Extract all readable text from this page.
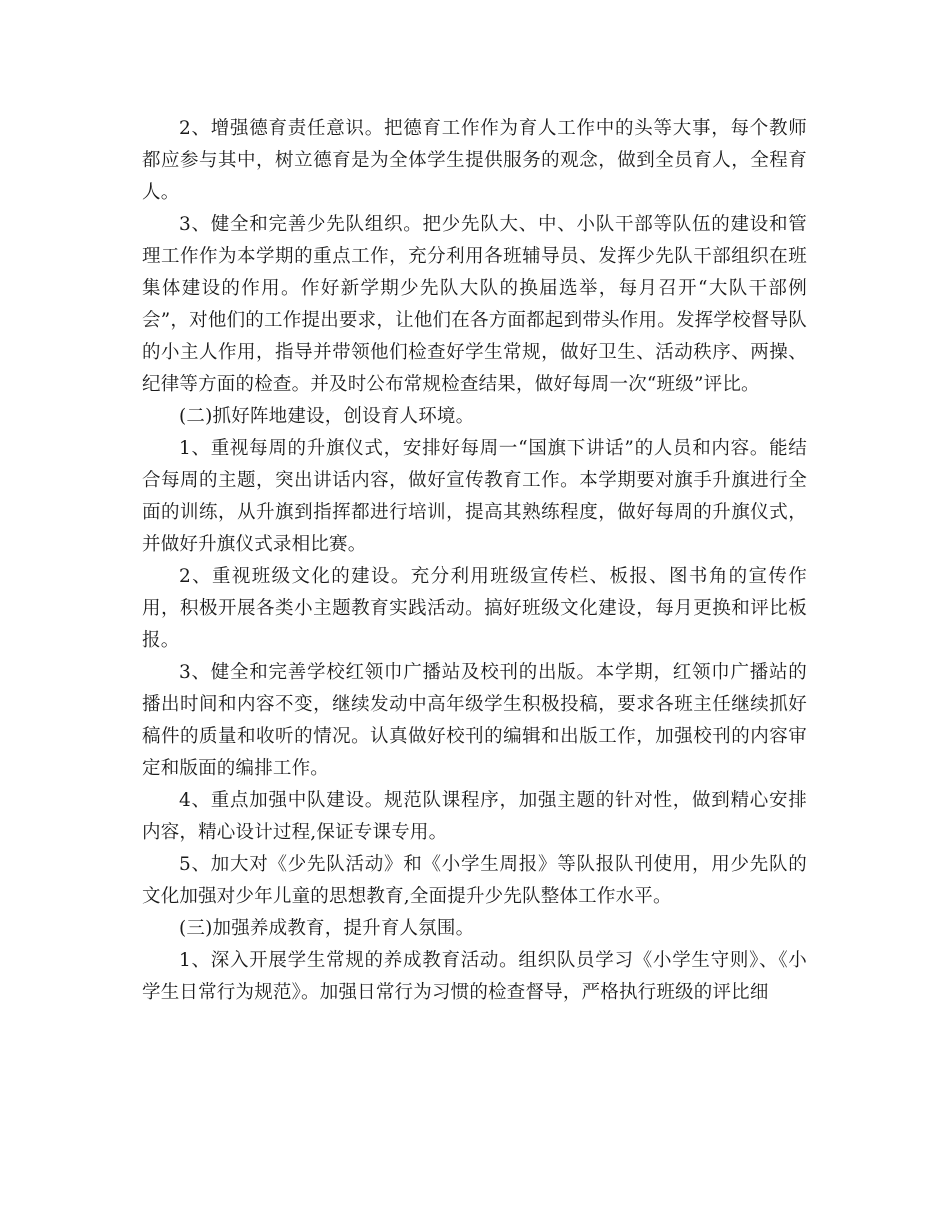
2、增强德育责任意识。把德育工作作为育人工作中的头等大事，每个教师都应参与其中，树立德育是为全体学生提供服务的观念，做到全员育人，全程育人。

3、健全和完善少先队组织。把少先队大、中、小队干部等队伍的建设和管理工作作为本学期的重点工作，充分利用各班辅导员、发挥少先队干部组织在班集体建设的作用。作好新学期少先队大队的换届选举，每月召开“大队干部例会”，对他们的工作提出要求，让他们在各方面都起到带头作用。发挥学校督导队的小主人作用，指导并带领他们检查好学生常规，做好卫生、活动秩序、两操、纪律等方面的检查。并及时公布常规检查结果，做好每周一次“班级”评比。

(二)抓好阵地建设，创设育人环境。

1、重视每周的升旗仪式，安排好每周一“国旗下讲话”的人员和内容。能结合每周的主题，突出讲话内容，做好宣传教育工作。本学期要对旗手升旗进行全面的训练，从升旗到指挥都进行培训，提高其熟练程度，做好每周的升旗仪式，并做好升旗仪式录相比赛。

2、重视班级文化的建设。充分利用班级宣传栏、板报、图书角的宣传作用，积极开展各类小主题教育实践活动。搞好班级文化建设，每月更换和评比板报。

3、健全和完善学校红领巾广播站及校刊的出版。本学期，红领巾广播站的播出时间和内容不变，继续发动中高年级学生积极投稿，要求各班主任继续抓好稿件的质量和收听的情况。认真做好校刊的编辑和出版工作，加强校刊的内容审定和版面的编排工作。

4、重点加强中队建设。规范队课程序，加强主题的针对性，做到精心安排内容，精心设计过程,保证专课专用。

5、加大对《少先队活动》和《小学生周报》等队报队刊使用，用少先队的文化加强对少年儿童的思想教育,全面提升少先队整体工作水平。

(三)加强养成教育，提升育人氛围。

1、深入开展学生常规的养成教育活动。组织队员学习《小学生守则》、《小学生日常行为规范》。加强日常行为习惯的检查督导，严格执行班级的评比细
